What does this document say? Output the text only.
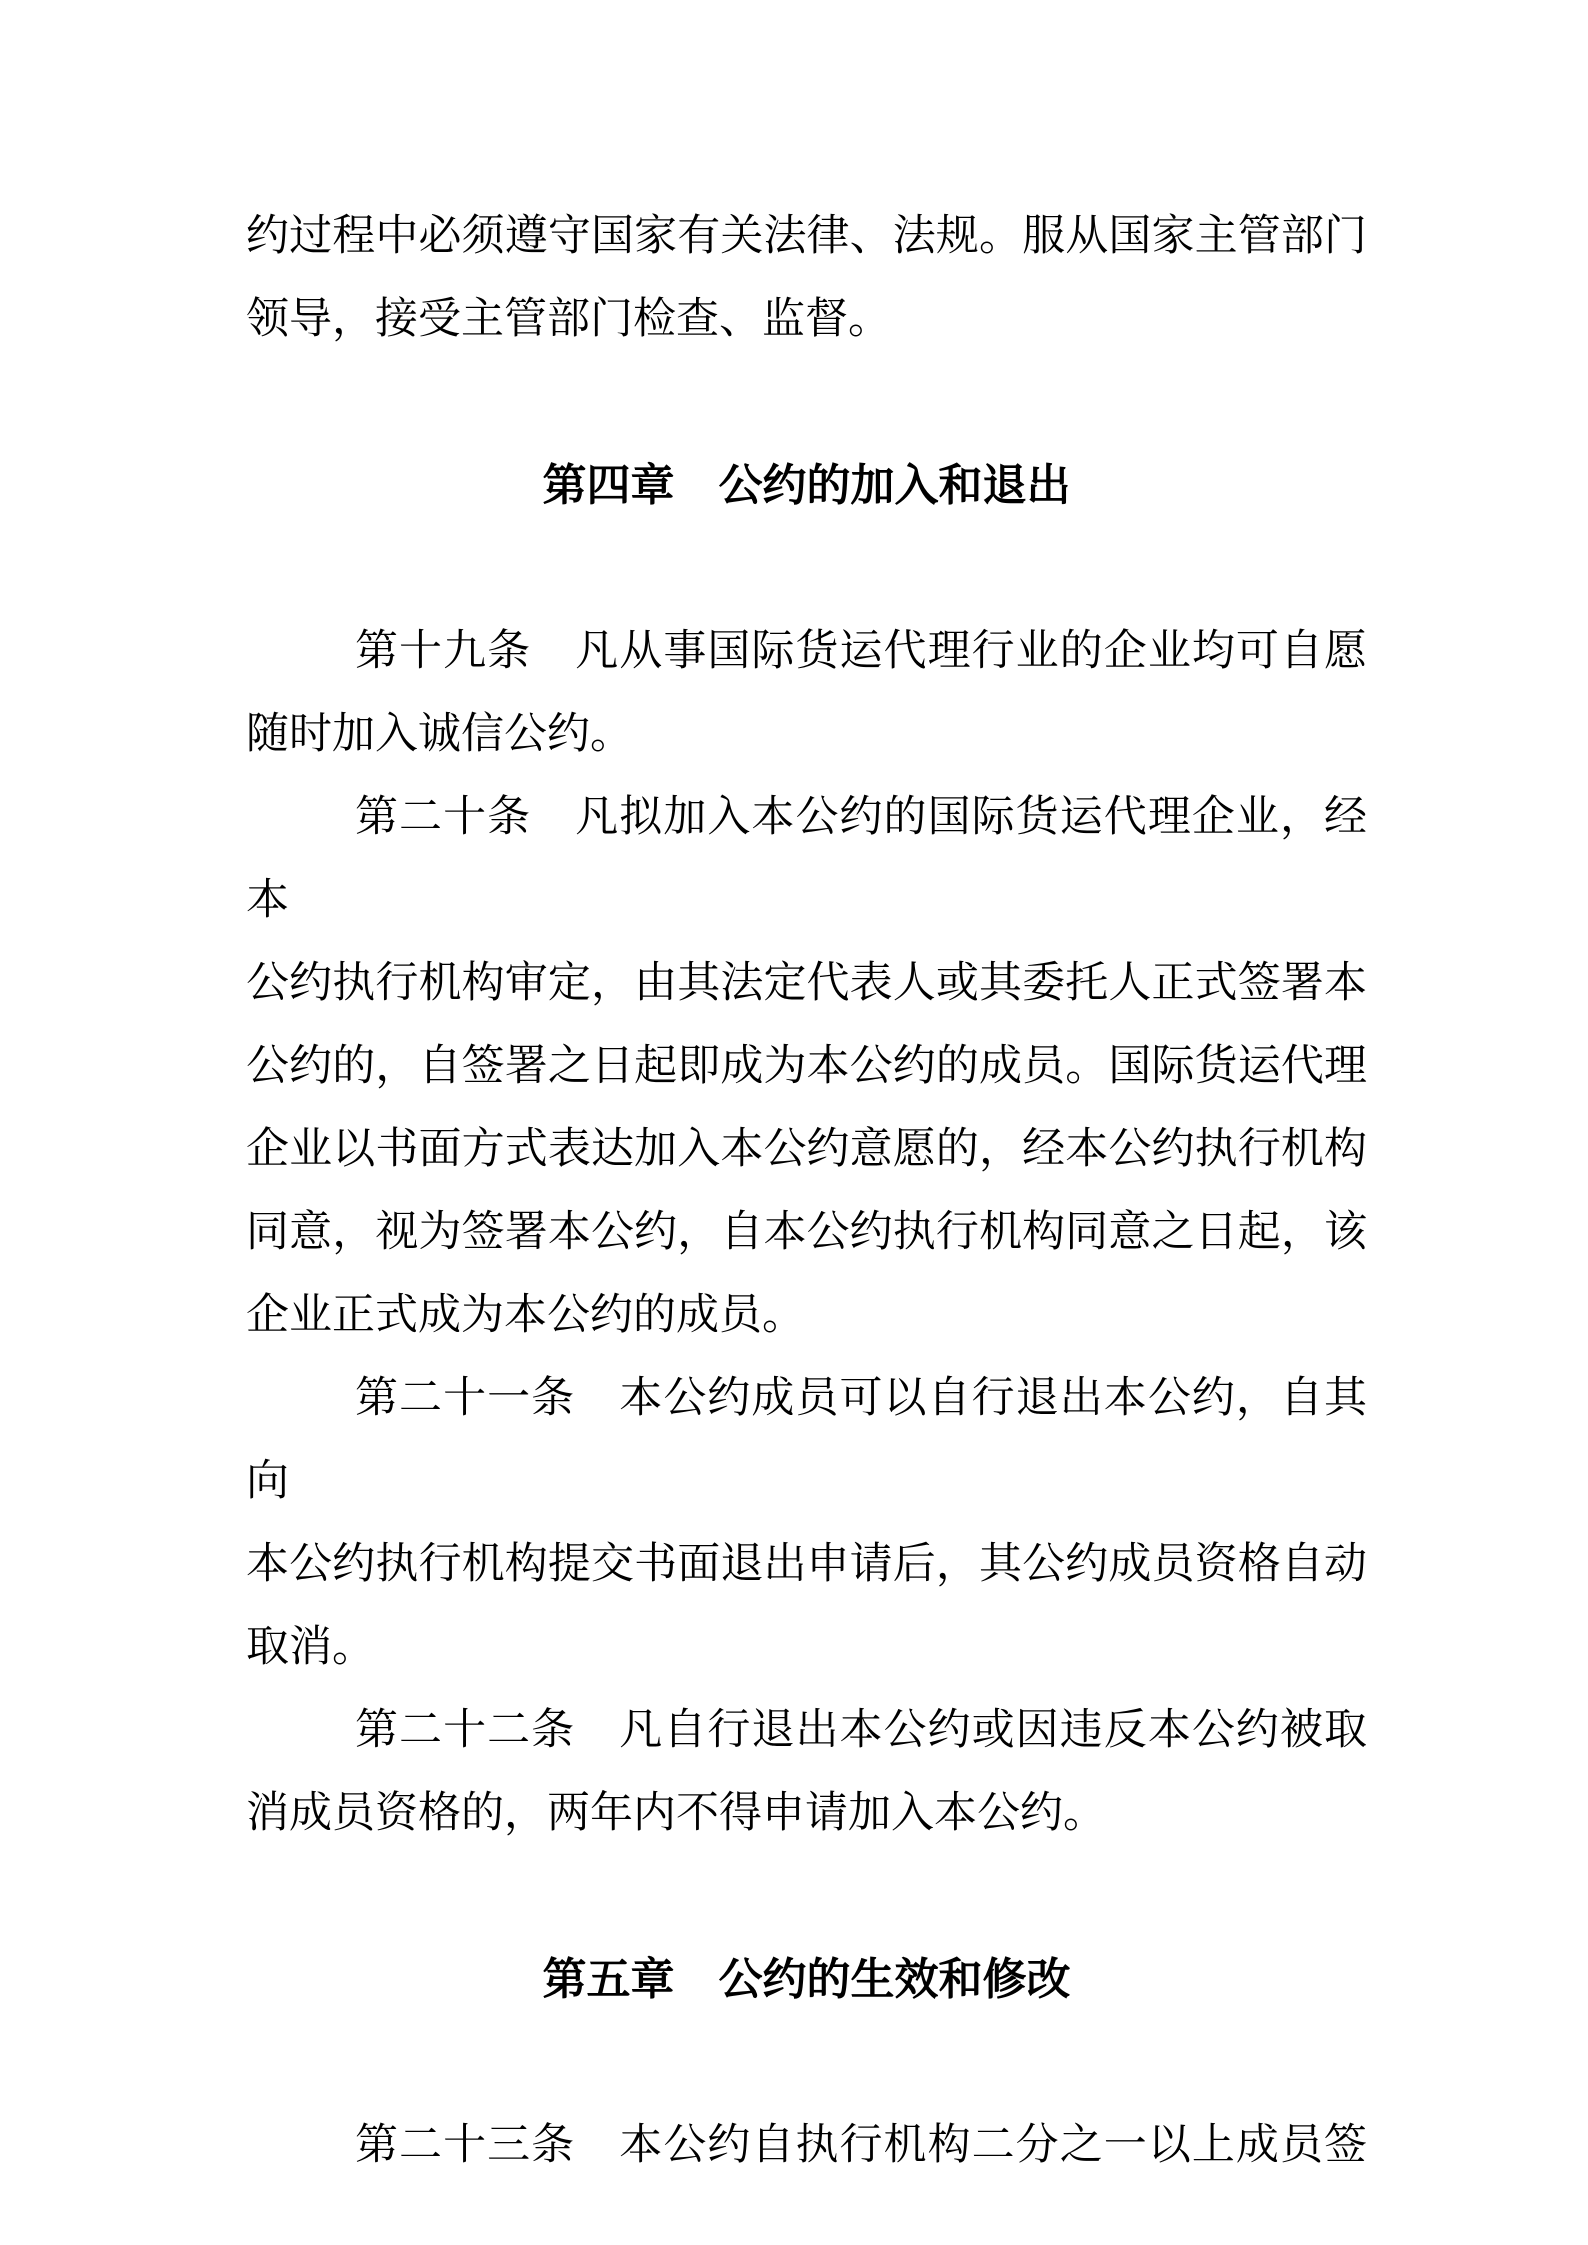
约过程中必须遵守国家有关法律、法规。服从国家主管部门
领导，接受主管部门检查、监督。
第四章　公约的加入和退出
第十九条　凡从事国际货运代理行业的企业均可自愿
随时加入诚信公约。
第二十条　凡拟加入本公约的国际货运代理企业，经本
公约执行机构审定，由其法定代表人或其委托人正式签署本
公约的，自签署之日起即成为本公约的成员。国际货运代理
企业以书面方式表达加入本公约意愿的，经本公约执行机构
同意，视为签署本公约，自本公约执行机构同意之日起，该
企业正式成为本公约的成员。
第二十一条　本公约成员可以自行退出本公约，自其向
本公约执行机构提交书面退出申请后，其公约成员资格自动
取消。
第二十二条　凡自行退出本公约或因违反本公约被取
消成员资格的，两年内不得申请加入本公约。
第五章　公约的生效和修改
第二十三条　本公约自执行机构二分之一以上成员签
